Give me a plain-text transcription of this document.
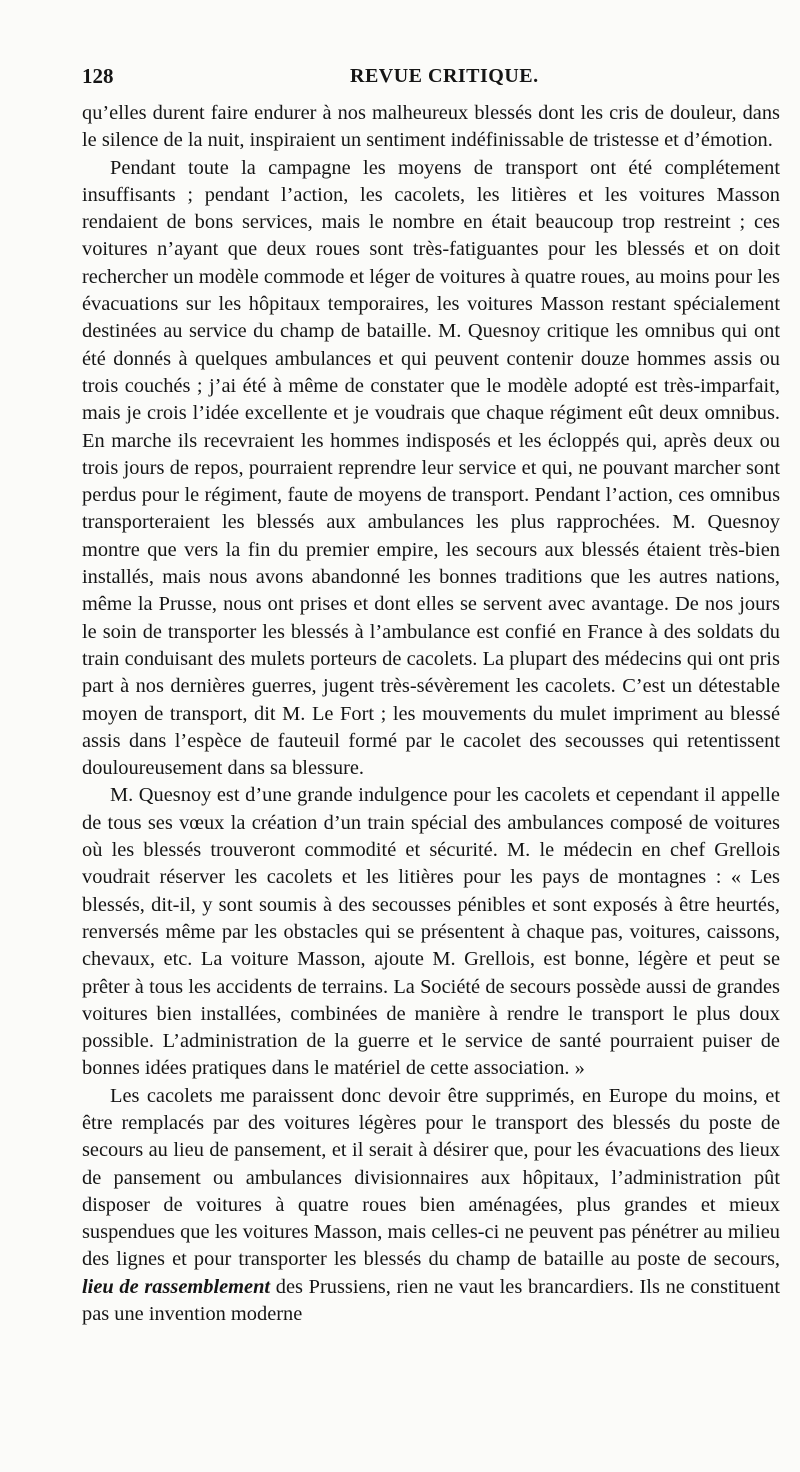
128	REVUE CRITIQUE.

qu’elles durent faire endurer à nos malheureux blessés dont les cris de douleur, dans le silence de la nuit, inspiraient un sentiment indéfinissable de tristesse et d’émotion.

Pendant toute la campagne les moyens de transport ont été complétement insuffisants ; pendant l’action, les cacolets, les litières et les voitures Masson rendaient de bons services, mais le nombre en était beaucoup trop restreint ; ces voitures n’ayant que deux roues sont très-fatiguantes pour les blessés et on doit rechercher un modèle commode et léger de voitures à quatre roues, au moins pour les évacuations sur les hôpitaux temporaires, les voitures Masson restant spécialement destinées au service du champ de bataille. M. Quesnoy critique les omnibus qui ont été donnés à quelques ambulances et qui peuvent contenir douze hommes assis ou trois couchés ; j’ai été à même de constater que le modèle adopté est très-imparfait, mais je crois l’idée excellente et je voudrais que chaque régiment eût deux omnibus. En marche ils recevraient les hommes indisposés et les écloppés qui, après deux ou trois jours de repos, pourraient reprendre leur service et qui, ne pouvant marcher sont perdus pour le régiment, faute de moyens de transport. Pendant l’action, ces omnibus transporteraient les blessés aux ambulances les plus rapprochées. M. Quesnoy montre que vers la fin du premier empire, les secours aux blessés étaient très-bien installés, mais nous avons abandonné les bonnes traditions que les autres nations, même la Prusse, nous ont prises et dont elles se servent avec avantage. De nos jours le soin de transporter les blessés à l’ambulance est confié en France à des soldats du train conduisant des mulets porteurs de cacolets. La plupart des médecins qui ont pris part à nos dernières guerres, jugent très-sévèrement les cacolets. C’est un détestable moyen de transport, dit M. Le Fort ; les mouvements du mulet impriment au blessé assis dans l’espèce de fauteuil formé par le cacolet des secousses qui retentissent douloureusement dans sa blessure.

M. Quesnoy est d’une grande indulgence pour les cacolets et cependant il appelle de tous ses vœux la création d’un train spécial des ambulances composé de voitures où les blessés trouveront commodité et sécurité. M. le médecin en chef Grellois voudrait réserver les cacolets et les litières pour les pays de montagnes : « Les blessés, dit-il, y sont soumis à des secousses pénibles et sont exposés à être heurtés, renversés même par les obstacles qui se présentent à chaque pas, voitures, caissons, chevaux, etc. La voiture Masson, ajoute M. Grellois, est bonne, légère et peut se prêter à tous les accidents de terrains. La Société de secours possède aussi de grandes voitures bien installées, combinées de manière à rendre le transport le plus doux possible. L’administration de la guerre et le service de santé pourraient puiser de bonnes idées pratiques dans le matériel de cette association. »

Les cacolets me paraissent donc devoir être supprimés, en Europe du moins, et être remplacés par des voitures légères pour le transport des blessés du poste de secours au lieu de pansement, et il serait à désirer que, pour les évacuations des lieux de pansement ou ambulances divisionnaires aux hôpitaux, l’administration pût disposer de voitures à quatre roues bien aménagées, plus grandes et mieux suspendues que les voitures Masson, mais celles-ci ne peuvent pas pénétrer au milieu des lignes et pour transporter les blessés du champ de bataille au poste de secours, lieu de rassemblement des Prussiens, rien ne vaut les brancardiers. Ils ne constituent pas une invention moderne
